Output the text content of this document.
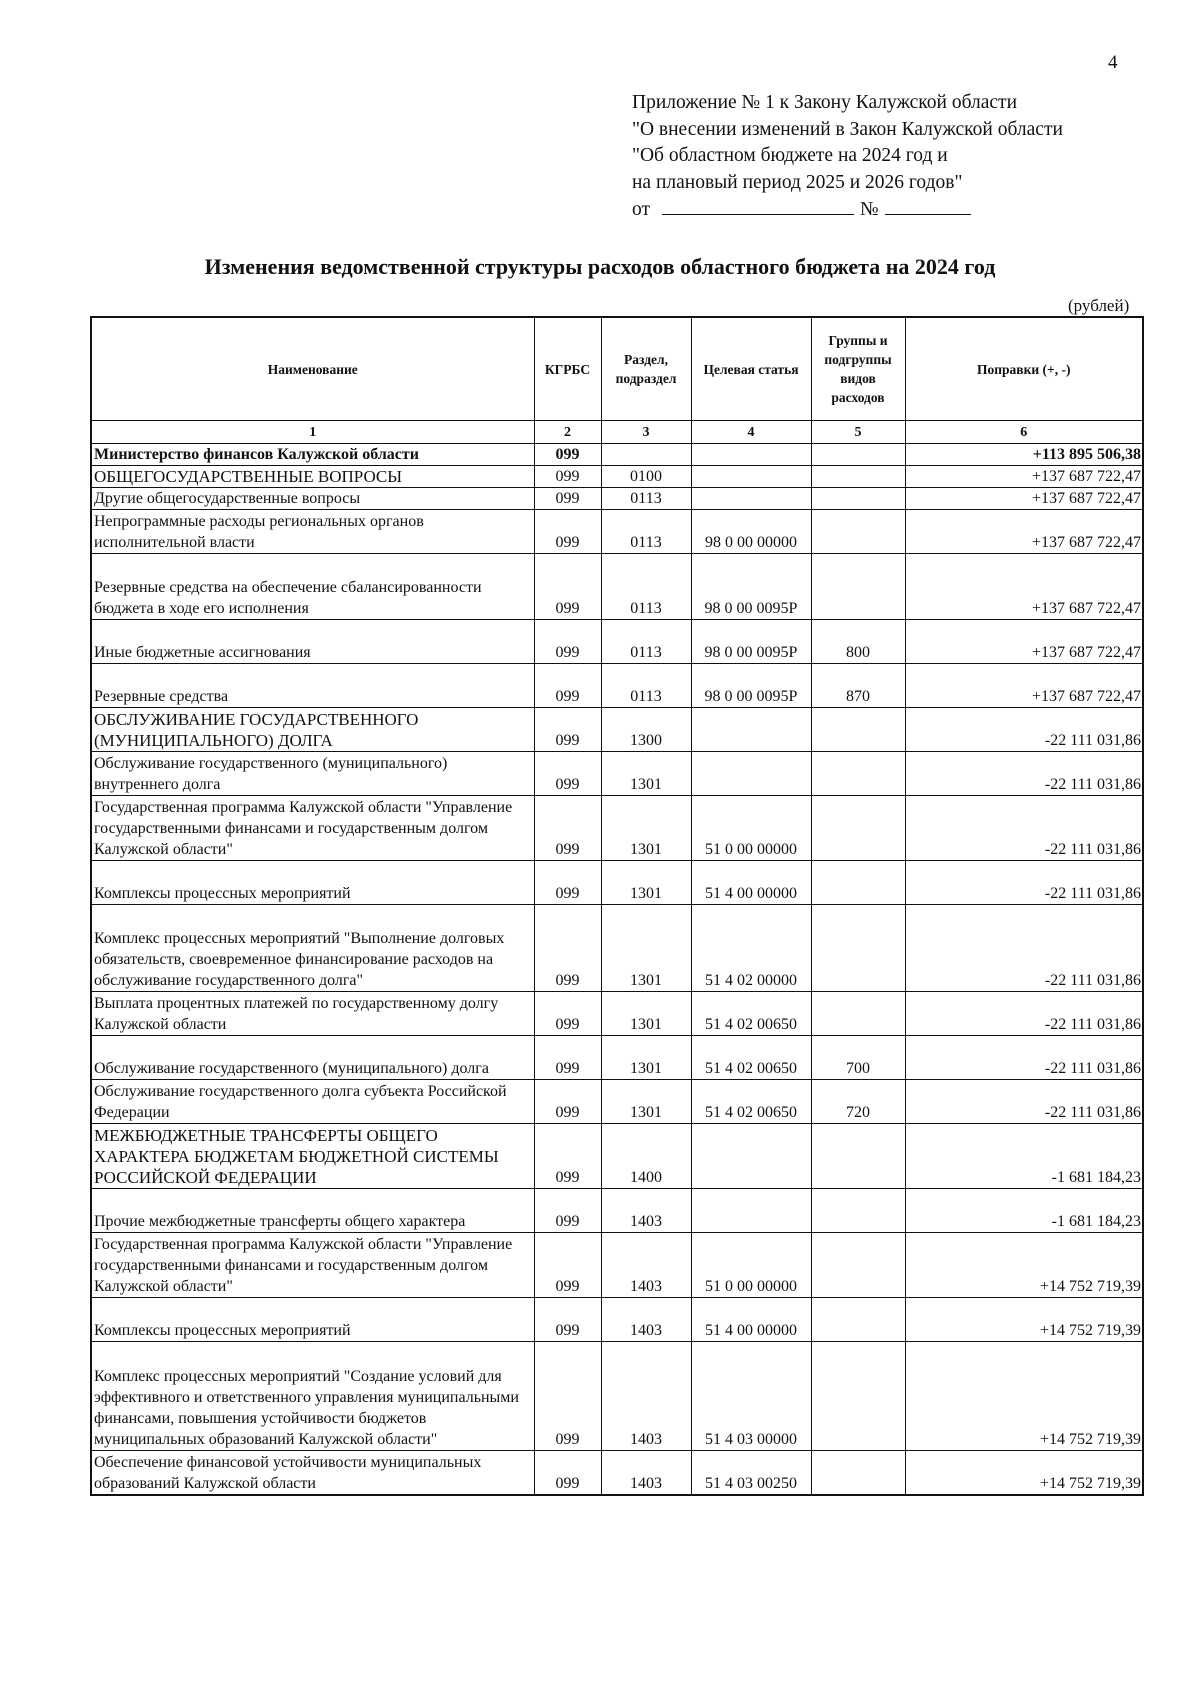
4
Приложение № 1 к Закону Калужской области
"О внесении изменений в Закон Калужской области
"Об областном бюджете на 2024 год и
на плановый период 2025 и 2026 годов"
от	№
Изменения ведомственной структуры расходов областного бюджета на 2024 год
(рублей)
Наименование	КГРБС	Раздел, подраздел	Целевая статья	Группы и подгруппы видов расходов	Поправки (+, -)
1	2	3	4	5	6
Министерство финансов Калужской области	099				+113 895 506,38
ОБЩЕГОСУДАРСТВЕННЫЕ ВОПРОСЫ	099	0100			+137 687 722,47
Другие общегосударственные вопросы	099	0113			+137 687 722,47
Непрограммные расходы региональных органов исполнительной власти	099	0113	98 0 00 00000		+137 687 722,47
Резервные средства на обеспечение сбалансированности бюджета в ходе его исполнения	099	0113	98 0 00 0095P		+137 687 722,47
Иные бюджетные ассигнования	099	0113	98 0 00 0095P	800	+137 687 722,47
Резервные средства	099	0113	98 0 00 0095P	870	+137 687 722,47
ОБСЛУЖИВАНИЕ ГОСУДАРСТВЕННОГО (МУНИЦИПАЛЬНОГО) ДОЛГА	099	1300			-22 111 031,86
Обслуживание государственного (муниципального) внутреннего долга	099	1301			-22 111 031,86
Государственная программа Калужской области "Управление государственными финансами и государственным долгом Калужской области"	099	1301	51 0 00 00000		-22 111 031,86
Комплексы процессных мероприятий	099	1301	51 4 00 00000		-22 111 031,86
Комплекс процессных мероприятий "Выполнение долговых обязательств, своевременное финансирование расходов на обслуживание государственного долга"	099	1301	51 4 02 00000		-22 111 031,86
Выплата процентных платежей по государственному долгу Калужской области	099	1301	51 4 02 00650		-22 111 031,86
Обслуживание государственного (муниципального) долга	099	1301	51 4 02 00650	700	-22 111 031,86
Обслуживание государственного долга субъекта Российской Федерации	099	1301	51 4 02 00650	720	-22 111 031,86
МЕЖБЮДЖЕТНЫЕ ТРАНСФЕРТЫ ОБЩЕГО ХАРАКТЕРА БЮДЖЕТАМ БЮДЖЕТНОЙ СИСТЕМЫ РОССИЙСКОЙ ФЕДЕРАЦИИ	099	1400			-1 681 184,23
Прочие межбюджетные трансферты общего характера	099	1403			-1 681 184,23
Государственная программа Калужской области "Управление государственными финансами и государственным долгом Калужской области"	099	1403	51 0 00 00000		+14 752 719,39
Комплексы процессных мероприятий	099	1403	51 4 00 00000		+14 752 719,39
Комплекс процессных мероприятий "Создание условий для эффективного и ответственного управления муниципальными финансами, повышения устойчивости бюджетов муниципальных образований Калужской области"	099	1403	51 4 03 00000		+14 752 719,39
Обеспечение финансовой устойчивости муниципальных образований Калужской области	099	1403	51 4 03 00250		+14 752 719,39
